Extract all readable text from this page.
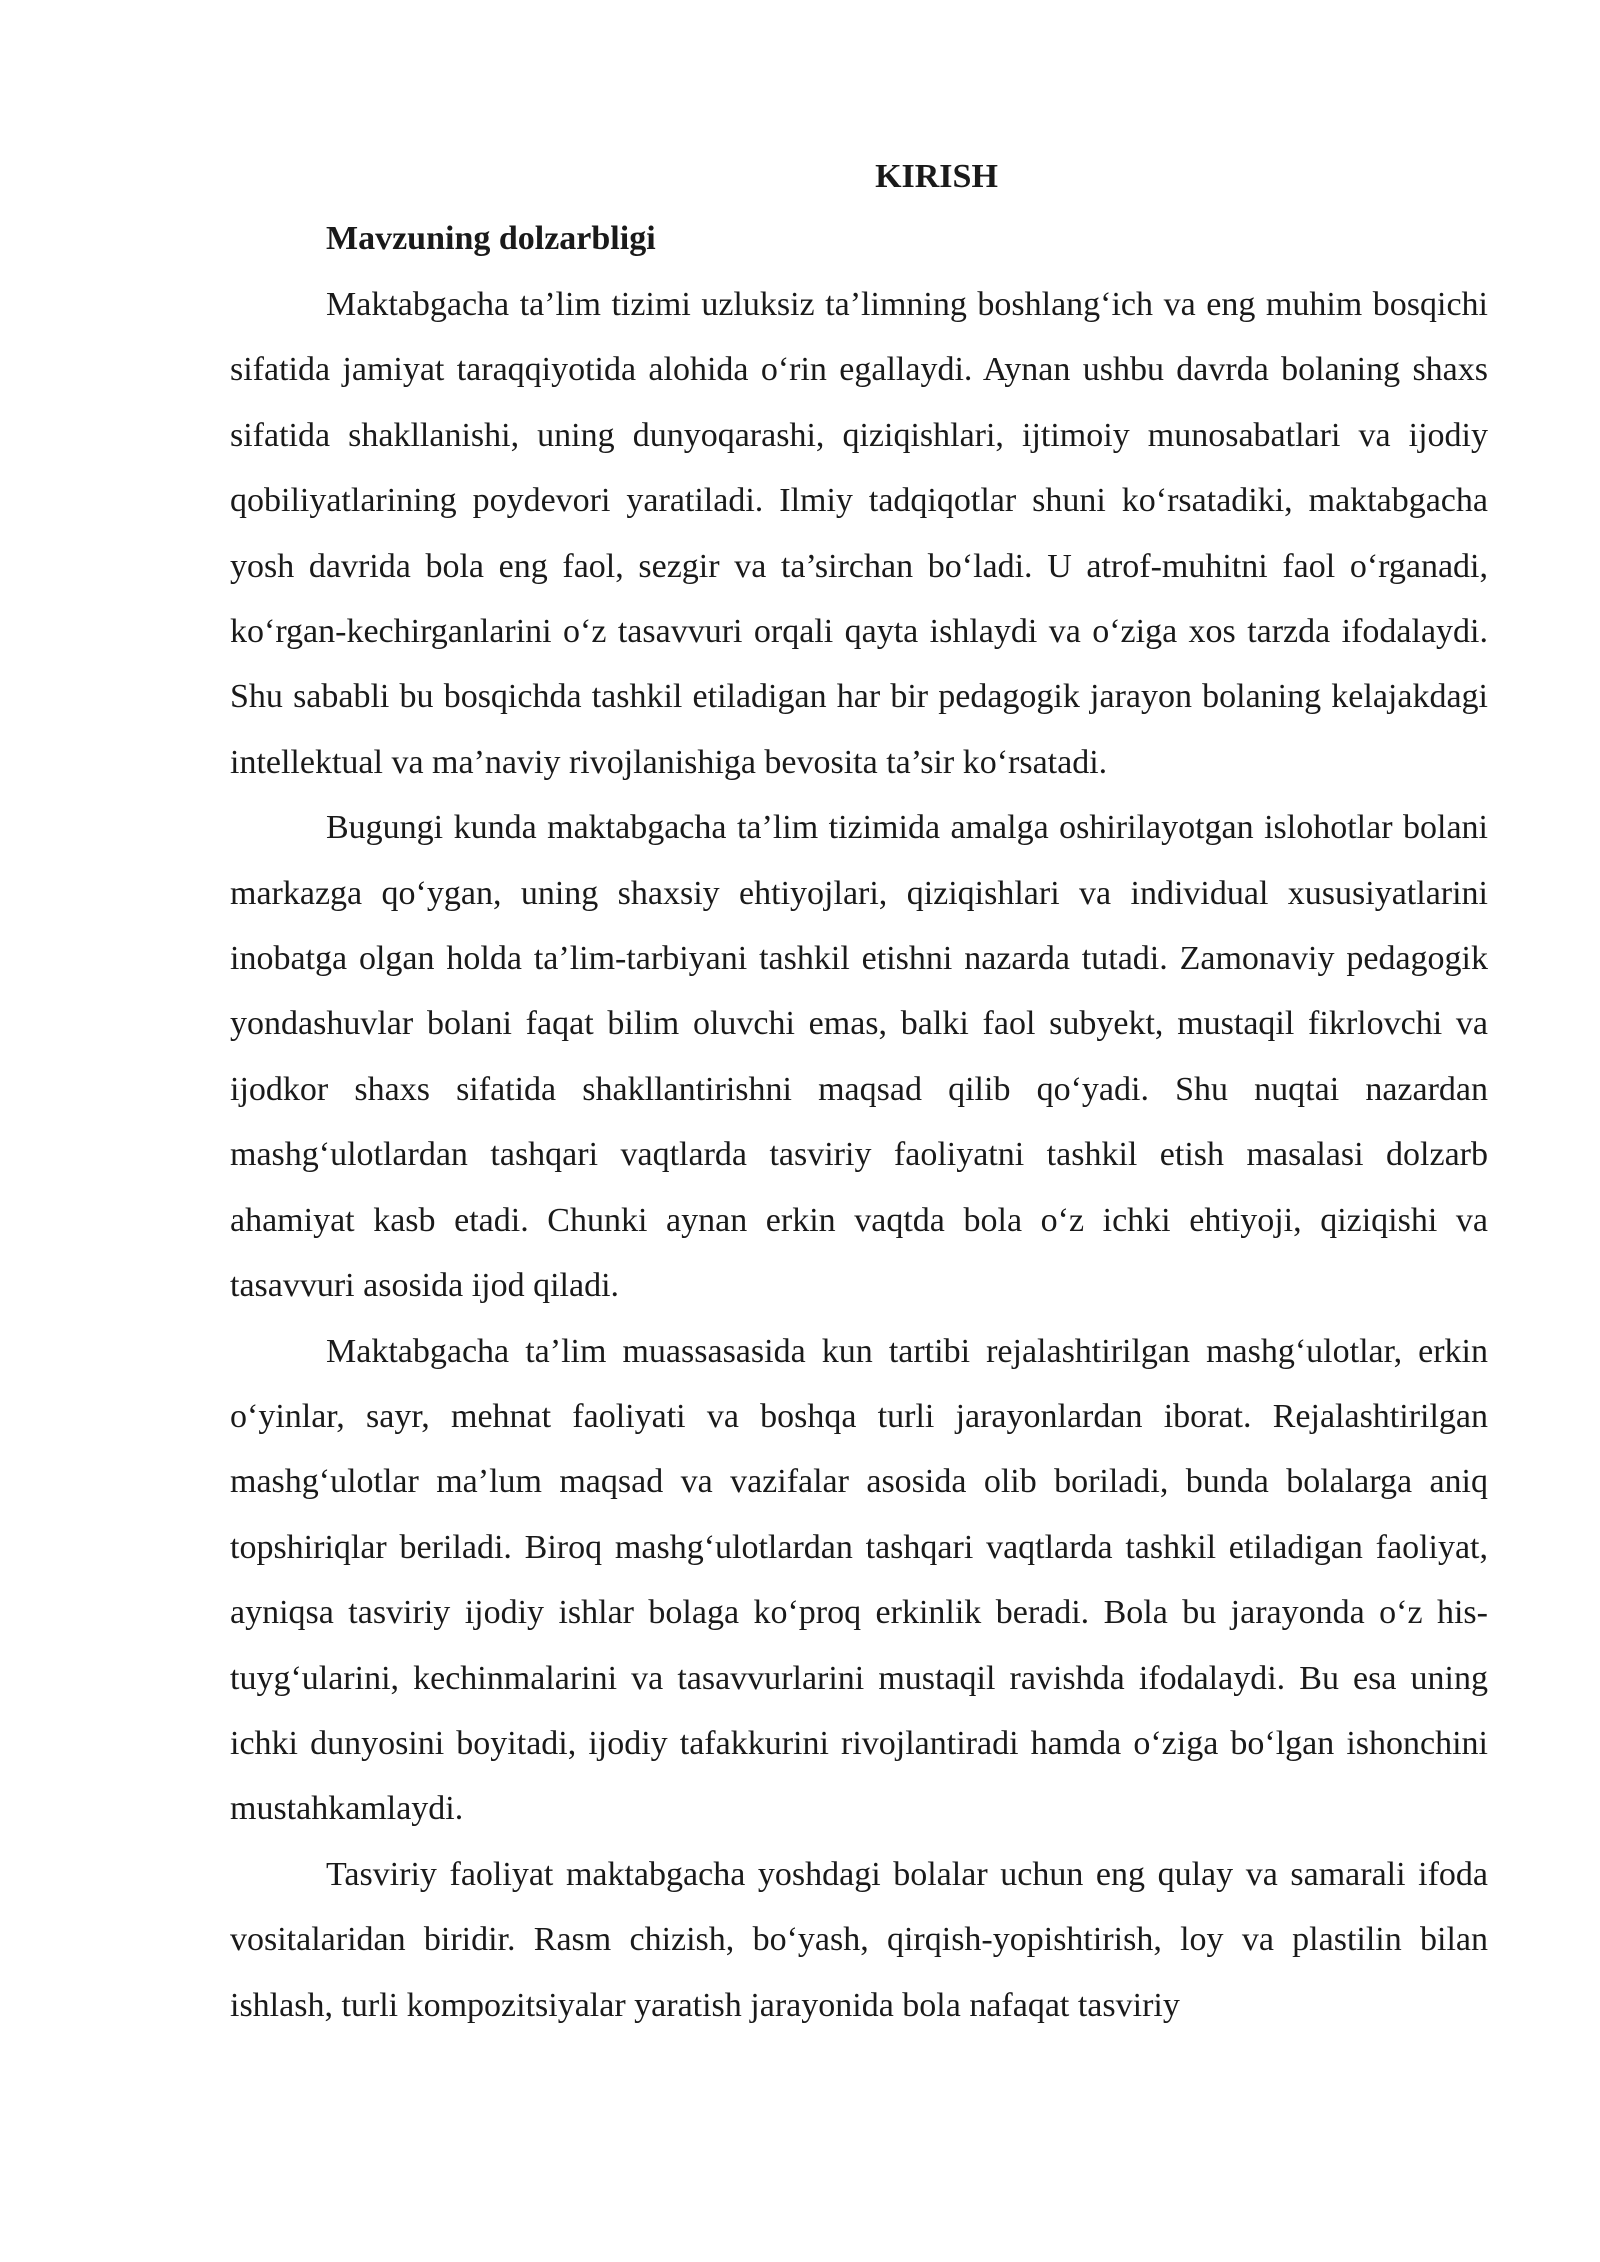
KIRISH
Mavzuning dolzarbligi

Maktabgacha ta’lim tizimi uzluksiz ta’limning boshlang‘ich va eng muhim bosqichi sifatida jamiyat taraqqiyotida alohida o‘rin egallaydi. Aynan ushbu davrda bolaning shaxs sifatida shakllanishi, uning dunyoqarashi, qiziqishlari, ijtimoiy munosabatlari va ijodiy qobiliyatlarining poydevori yaratiladi. Ilmiy tadqiqotlar shuni ko‘rsatadiki, maktabgacha yosh davrida bola eng faol, sezgir va ta’sirchan bo‘ladi. U atrof-muhitni faol o‘rganadi, ko‘rgan-kechirganlarini o‘z tasavvuri orqali qayta ishlaydi va o‘ziga xos tarzda ifodalaydi. Shu sababli bu bosqichda tashkil etiladigan har bir pedagogik jarayon bolaning kelajakdagi intellektual va ma’naviy rivojlanishiga bevosita ta’sir ko‘rsatadi.

Bugungi kunda maktabgacha ta’lim tizimida amalga oshirilayotgan islohotlar bolani markazga qo‘ygan, uning shaxsiy ehtiyojlari, qiziqishlari va individual xususiyatlarini inobatga olgan holda ta’lim-tarbiyani tashkil etishni nazarda tutadi. Zamonaviy pedagogik yondashuvlar bolani faqat bilim oluvchi emas, balki faol subyekt, mustaqil fikrlovchi va ijodkor shaxs sifatida shakllantirishni maqsad qilib qo‘yadi. Shu nuqtai nazardan mashg‘ulotlardan tashqari vaqtlarda tasviriy faoliyatni tashkil etish masalasi dolzarb ahamiyat kasb etadi. Chunki aynan erkin vaqtda bola o‘z ichki ehtiyoji, qiziqishi va tasavvuri asosida ijod qiladi.

Maktabgacha ta’lim muassasasida kun tartibi rejalashtirilgan mashg‘ulotlar, erkin o‘yinlar, sayr, mehnat faoliyati va boshqa turli jarayonlardan iborat. Rejalashtirilgan mashg‘ulotlar ma’lum maqsad va vazifalar asosida olib boriladi, bunda bolalarga aniq topshiriqlar beriladi. Biroq mashg‘ulotlardan tashqari vaqtlarda tashkil etiladigan faoliyat, ayniqsa tasviriy ijodiy ishlar bolaga ko‘proq erkinlik beradi. Bola bu jarayonda o‘z his-tuyg‘ularini, kechinmalarini va tasavvurlarini mustaqil ravishda ifodalaydi. Bu esa uning ichki dunyosini boyitadi, ijodiy tafakkurini rivojlantiradi hamda o‘ziga bo‘lgan ishonchini mustahkamlaydi.

Tasviriy faoliyat maktabgacha yoshdagi bolalar uchun eng qulay va samarali ifoda vositalaridan biridir. Rasm chizish, bo‘yash, qirqish-yopishtirish, loy va plastilin bilan ishlash, turli kompozitsiyalar yaratish jarayonida bola nafaqat tasviriy
